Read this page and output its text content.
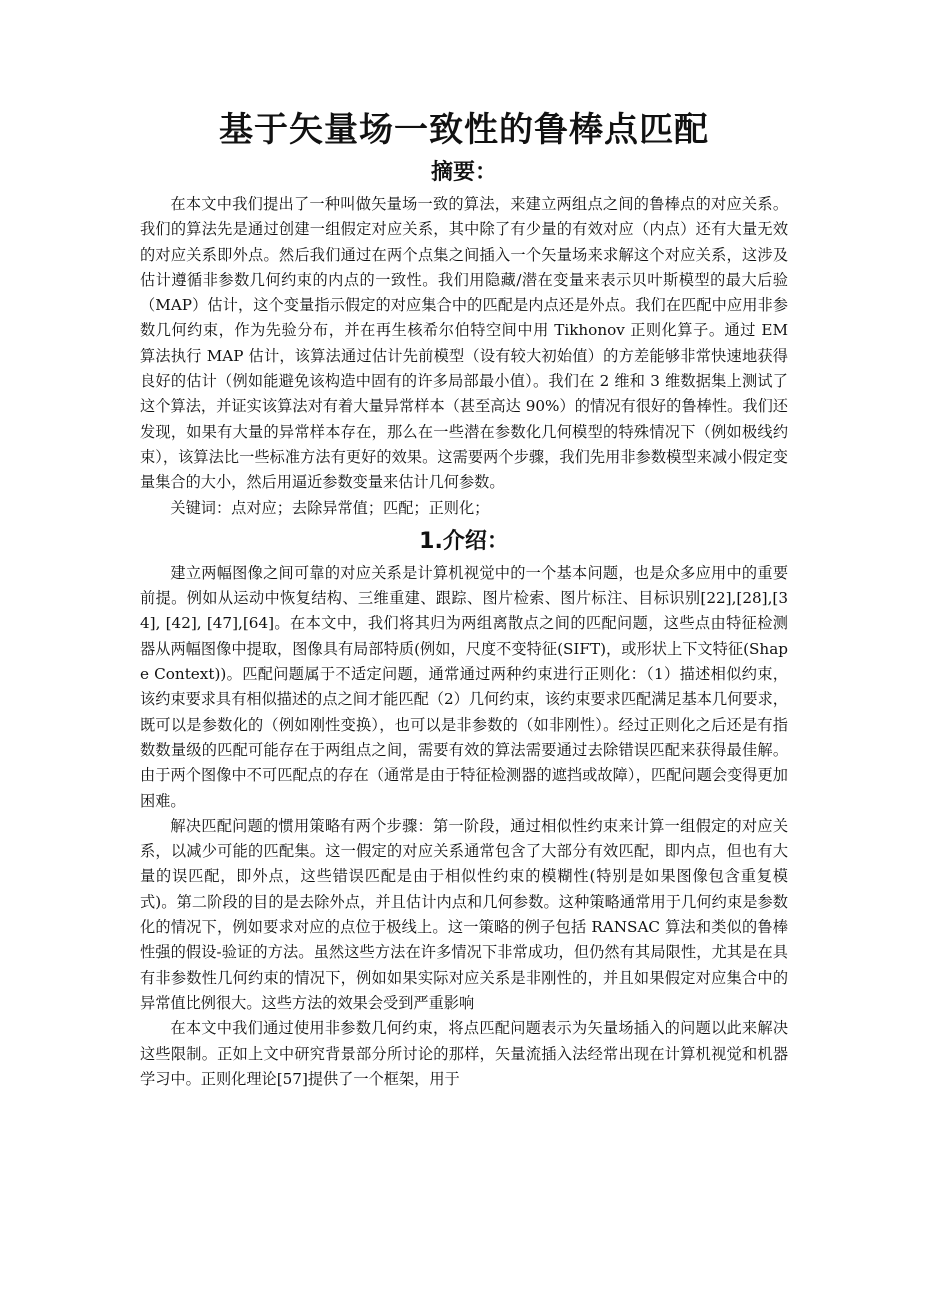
基于矢量场一致性的鲁棒点匹配
摘要：

在本文中我们提出了一种叫做矢量场一致的算法，来建立两组点之间的鲁棒点的对应关系。我们的算法先是通过创建一组假定对应关系，其中除了有少量的有效对应（内点）还有大量无效的对应关系即外点。然后我们通过在两个点集之间插入一个矢量场来求解这个对应关系，这涉及估计遵循非参数几何约束的内点的一致性。我们用隐藏/潜在变量来表示贝叶斯模型的最大后验（MAP）估计，这个变量指示假定的对应集合中的匹配是内点还是外点。我们在匹配中应用非参数几何约束，作为先验分布，并在再生核希尔伯特空间中用 Tikhonov 正则化算子。通过 EM 算法执行 MAP 估计，该算法通过估计先前模型（设有较大初始值）的方差能够非常快速地获得良好的估计（例如能避免该构造中固有的许多局部最小值）。我们在 2 维和 3 维数据集上测试了这个算法，并证实该算法对有着大量异常样本（甚至高达 90%）的情况有很好的鲁棒性。我们还发现，如果有大量的异常样本存在，那么在一些潜在参数化几何模型的特殊情况下（例如极线约束），该算法比一些标准方法有更好的效果。这需要两个步骤，我们先用非参数模型来减小假定变量集合的大小，然后用逼近参数变量来估计几何参数。

关键词：点对应；去除异常值；匹配；正则化；

1.介绍：

建立两幅图像之间可靠的对应关系是计算机视觉中的一个基本问题，也是众多应用中的重要前提。例如从运动中恢复结构、三维重建、跟踪、图片检索、图片标注、目标识别[22],[28],[34], [42], [47],[64]。在本文中，我们将其归为两组离散点之间的匹配问题，这些点由特征检测器从两幅图像中提取，图像具有局部特质(例如，尺度不变特征(SIFT)，或形状上下文特征(Shape Context))。匹配问题属于不适定问题，通常通过两种约束进行正则化：（1）描述相似约束，该约束要求具有相似描述的点之间才能匹配（2）几何约束，该约束要求匹配满足基本几何要求，既可以是参数化的（例如刚性变换），也可以是非参数的（如非刚性）。经过正则化之后还是有指数数量级的匹配可能存在于两组点之间，需要有效的算法需要通过去除错误匹配来获得最佳解。由于两个图像中不可匹配点的存在（通常是由于特征检测器的遮挡或故障），匹配问题会变得更加困难。

解决匹配问题的惯用策略有两个步骤：第一阶段，通过相似性约束来计算一组假定的对应关系，以减少可能的匹配集。这一假定的对应关系通常包含了大部分有效匹配，即内点，但也有大量的误匹配，即外点，这些错误匹配是由于相似性约束的模糊性(特别是如果图像包含重复模式)。第二阶段的目的是去除外点，并且估计内点和几何参数。这种策略通常用于几何约束是参数化的情况下，例如要求对应的点位于极线上。这一策略的例子包括 RANSAC 算法和类似的鲁棒性强的假设-验证的方法。虽然这些方法在许多情况下非常成功，但仍然有其局限性，尤其是在具有非参数性几何约束的情况下，例如如果实际对应关系是非刚性的，并且如果假定对应集合中的异常值比例很大。这些方法的效果会受到严重影响

在本文中我们通过使用非参数几何约束，将点匹配问题表示为矢量场插入的问题以此来解决这些限制。正如上文中研究背景部分所讨论的那样，矢量流插入法经常出现在计算机视觉和机器学习中。正则化理论[57]提供了一个框架，用于
